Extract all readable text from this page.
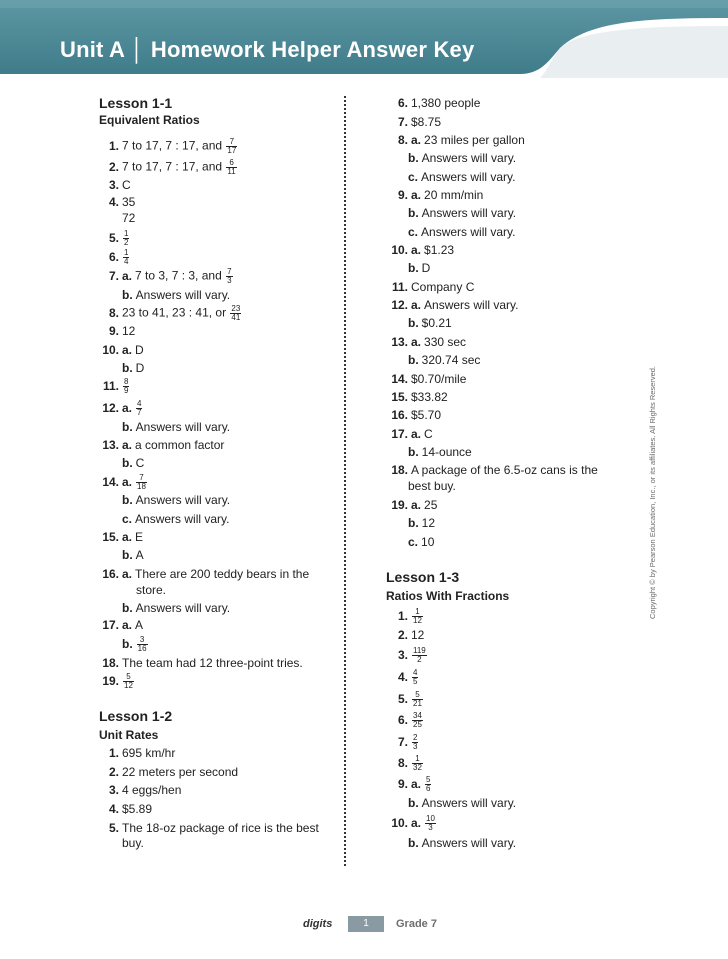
Unit A │ Homework Helper Answer Key
Lesson 1-1
Equivalent Ratios
1. 7 to 17, 7 : 17, and $\frac{7}{17}$
2. 7 to 17, 7 : 17, and $\frac{6}{11}$
3. C
4. 35
72
5. $\frac{1}{2}$
6. $\frac{1}{4}$
7. a. 7 to 3, 7 : 3, and $\frac{7}{3}$
b. Answers will vary.
8. 23 to 41, 23 : 41, or $\frac{23}{41}$
9. 12
10. a. D
b. D
11. $\frac{8}{9}$
12. a. $\frac{4}{7}$
b. Answers will vary.
13. a. a common factor
b. C
14. a. $\frac{7}{18}$
b. Answers will vary.
c. Answers will vary.
15. a. E
b. A
16. a. There are 200 teddy bears in the
store.
b. Answers will vary.
17. a. A
b. $\frac{3}{16}$
18. The team had 12 three-point tries.
19. $\frac{5}{12}$
Lesson 1-2
Unit Rates
1. 695 km/hr
2. 22 meters per second
3. 4 eggs/hen
4. $5.89
5. The 18-oz package of rice is the best
buy.
6. 1,380 people
7. $8.75
8. a. 23 miles per gallon
b. Answers will vary.
c. Answers will vary.
9. a. 20 mm/min
b. Answers will vary.
c. Answers will vary.
10. a. $1.23
b. D
11. Company C
12. a. Answers will vary.
b. $0.21
13. a. 330 sec
b. 320.74 sec
14. $0.70/mile
15. $33.82
16. $5.70
17. a. C
b. 14-ounce
18. A package of the 6.5-oz cans is the
best buy.
19. a. 25
b. 12
c. 10
Lesson 1-3
Ratios With Fractions
1. $\frac{1}{12}$
2. 12
3. $\frac{119}{2}$
4. $\frac{4}{5}$
5. $\frac{5}{21}$
6. $\frac{34}{25}$
7. $\frac{2}{3}$
8. $\frac{1}{32}$
9. a. $\frac{5}{6}$
b. Answers will vary.
10. a. $\frac{10}{3}$
b. Answers will vary.
Copyright © by Pearson Education, Inc., or its affiliates. All Rights Reserved.
digits	1	Grade 7
